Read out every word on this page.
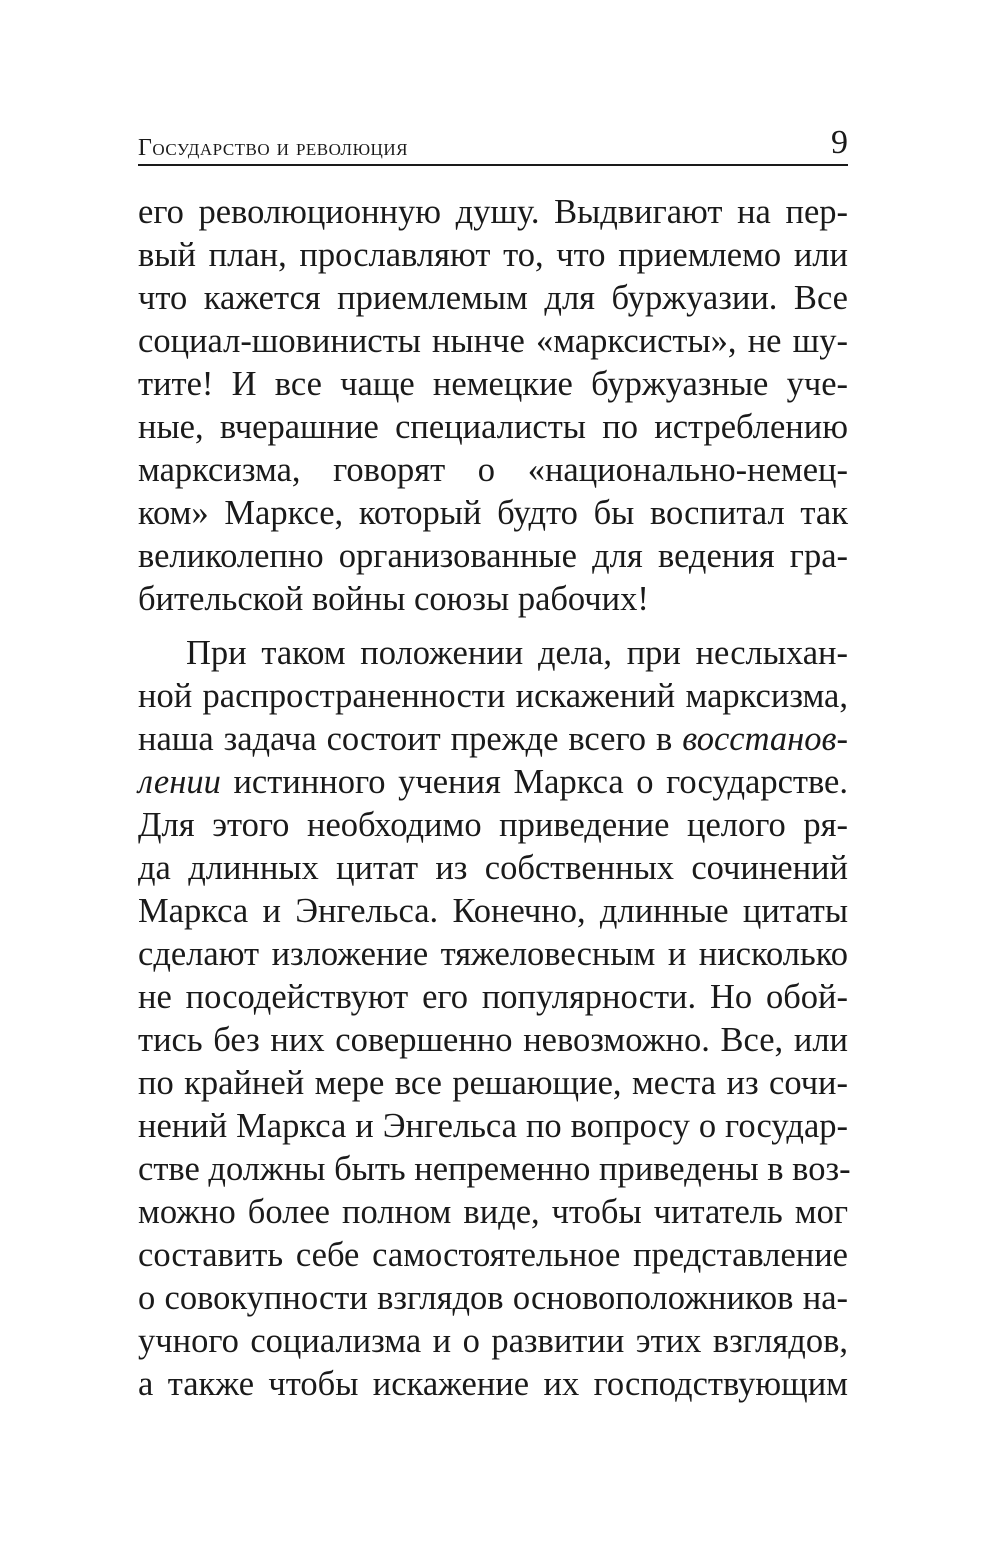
Государство и революция	9
его революционную душу. Выдвигают на пер-
вый план, прославляют то, что приемлемо или
что кажется приемлемым для буржуазии. Все
социал-шовинисты нынче «марксисты», не шу-
тите! И все чаще немецкие буржуазные уче-
ные, вчерашние специалисты по истреблению
марксизма, говорят о «национально-немец-
ком» Марксе, который будто бы воспитал так
великолепно организованные для ведения гра-
бительской войны союзы рабочих!
При таком положении дела, при неслыхан-
ной распространенности искажений марксизма,
наша задача состоит прежде всего в восстанов-
лении истинного учения Маркса о государстве.
Для этого необходимо приведение целого ря-
да длинных цитат из собственных сочинений
Маркса и Энгельса. Конечно, длинные цитаты
сделают изложение тяжеловесным и нисколько
не посодействуют его популярности. Но обой-
тись без них совершенно невозможно. Все, или
по крайней мере все решающие, места из сочи-
нений Маркса и Энгельса по вопросу о государ-
стве должны быть непременно приведены в воз-
можно более полном виде, чтобы читатель мог
составить себе самостоятельное представление
о совокупности взглядов основоположников на-
учного социализма и о развитии этих взглядов,
а также чтобы искажение их господствующим
